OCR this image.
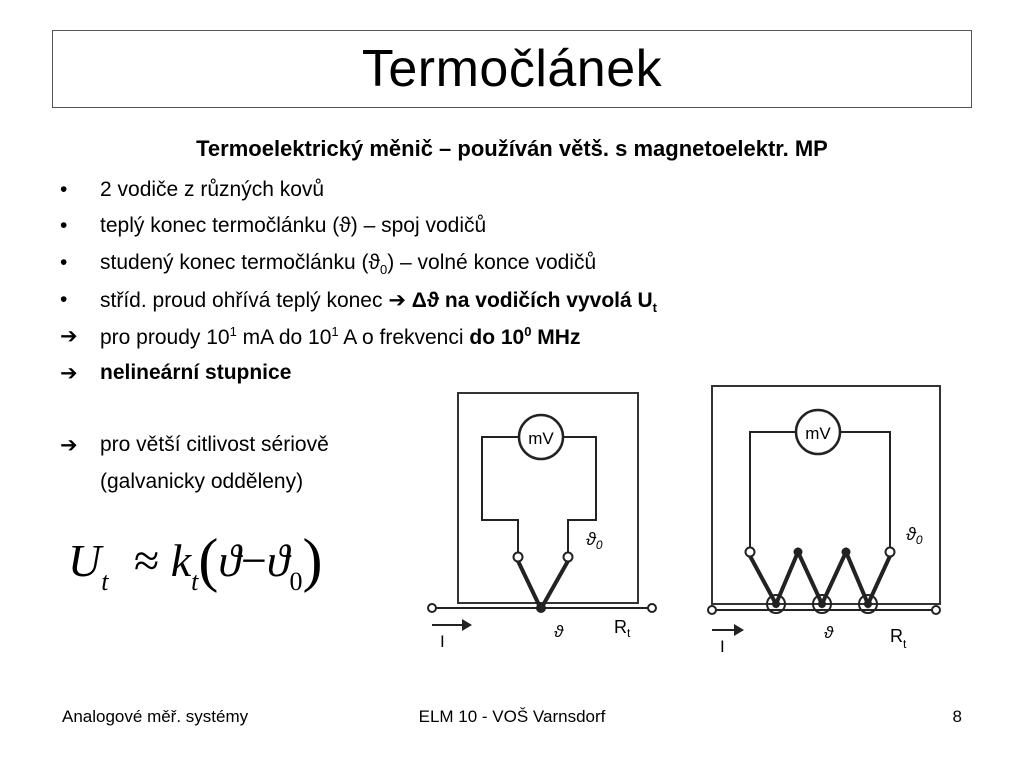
Termočlánek
Termoelektrický měnič – používán větš. s magnetoelektr. MP
•	2 vodiče z různých kovů
•	teplý konec termočlánku (ϑ) – spoj vodičů
•	studený konec termočlánku $(ϑ_0)$ – volné konce vodičů
•	stříd. proud ohřívá teplý konec ➔ Δϑ na vodičích vyvolá $U_t$
➔	pro proudy $10^1$ mA do $10^1$ A o frekvenci do $10^0$ MHz
➔	nelineární stupnice
➔	pro větší citlivost sériově
(galvanicky odděleny)
$U_t \approx k_t(ϑ-ϑ_0)$
mV
$ϑ_0$
I
ϑ	$R_t$
mV
$ϑ_0$
I
ϑ	$R_t$
Analogové měř. systémy	ELM 10 - VOŠ Varnsdorf	8
